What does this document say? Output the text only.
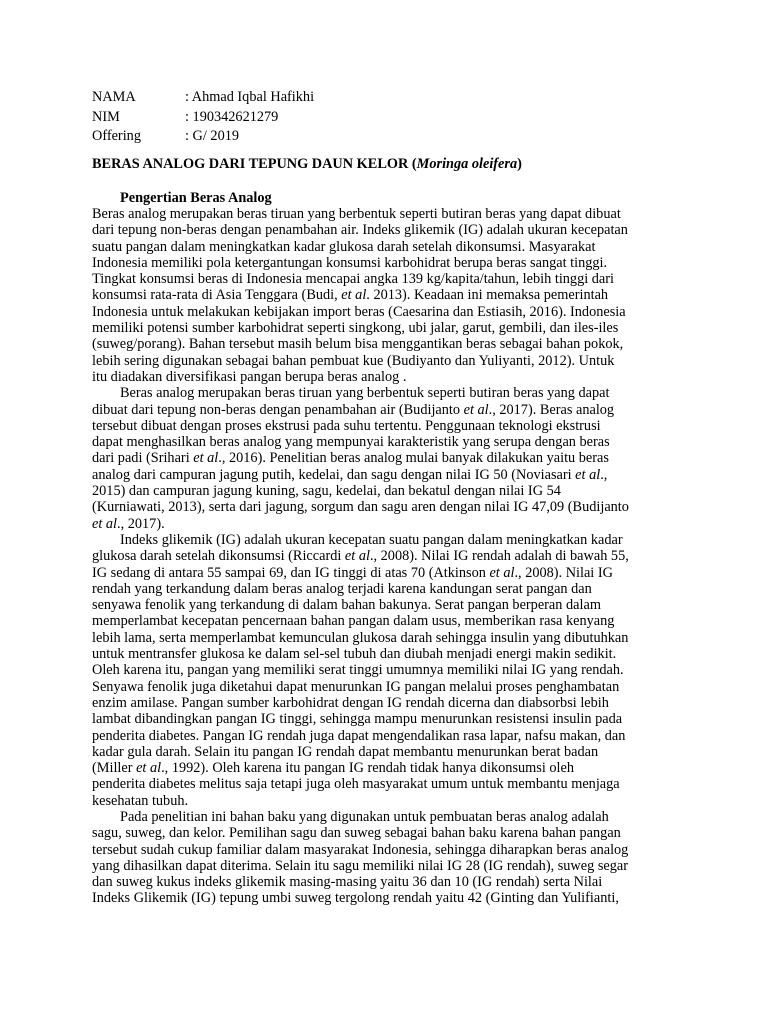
NAMA	: Ahmad Iqbal Hafikhi
NIM	: 190342621279
Offering	: G/ 2019
BERAS ANALOG DARI TEPUNG DAUN KELOR (Moringa oleifera)
Pengertian Beras Analog
Beras analog merupakan beras tiruan yang berbentuk seperti butiran beras yang dapat dibuat
dari tepung non-beras dengan penambahan air. Indeks glikemik (IG) adalah ukuran kecepatan
suatu pangan dalam meningkatkan kadar glukosa darah setelah dikonsumsi. Masyarakat
Indonesia memiliki pola ketergantungan konsumsi karbohidrat berupa beras sangat tinggi.
Tingkat konsumsi beras di Indonesia mencapai angka 139 kg/kapita/tahun, lebih tinggi dari
konsumsi rata-rata di Asia Tenggara (Budi, et al. 2013). Keadaan ini memaksa pemerintah
Indonesia untuk melakukan kebijakan import beras (Caesarina dan Estiasih, 2016). Indonesia
memiliki potensi sumber karbohidrat seperti singkong, ubi jalar, garut, gembili, dan iles-iles
(suweg/porang). Bahan tersebut masih belum bisa menggantikan beras sebagai bahan pokok,
lebih sering digunakan sebagai bahan pembuat kue (Budiyanto dan Yuliyanti, 2012). Untuk
itu diadakan diversifikasi pangan berupa beras analog .
Beras analog merupakan beras tiruan yang berbentuk seperti butiran beras yang dapat
dibuat dari tepung non-beras dengan penambahan air (Budijanto et al., 2017). Beras analog
tersebut dibuat dengan proses ekstrusi pada suhu tertentu. Penggunaan teknologi ekstrusi
dapat menghasilkan beras analog yang mempunyai karakteristik yang serupa dengan beras
dari padi (Srihari et al., 2016). Penelitian beras analog mulai banyak dilakukan yaitu beras
analog dari campuran jagung putih, kedelai, dan sagu dengan nilai IG 50 (Noviasari et al.,
2015) dan campuran jagung kuning, sagu, kedelai, dan bekatul dengan nilai IG 54
(Kurniawati, 2013), serta dari jagung, sorgum dan sagu aren dengan nilai IG 47,09 (Budijanto
et al., 2017).
Indeks glikemik (IG) adalah ukuran kecepatan suatu pangan dalam meningkatkan kadar
glukosa darah setelah dikonsumsi (Riccardi et al., 2008). Nilai IG rendah adalah di bawah 55,
IG sedang di antara 55 sampai 69, dan IG tinggi di atas 70 (Atkinson et al., 2008). Nilai IG
rendah yang terkandung dalam beras analog terjadi karena kandungan serat pangan dan
senyawa fenolik yang terkandung di dalam bahan bakunya. Serat pangan berperan dalam
memperlambat kecepatan pencernaan bahan pangan dalam usus, memberikan rasa kenyang
lebih lama, serta memperlambat kemunculan glukosa darah sehingga insulin yang dibutuhkan
untuk mentransfer glukosa ke dalam sel-sel tubuh dan diubah menjadi energi makin sedikit.
Oleh karena itu, pangan yang memiliki serat tinggi umumnya memiliki nilai IG yang rendah.
Senyawa fenolik juga diketahui dapat menurunkan IG pangan melalui proses penghambatan
enzim amilase. Pangan sumber karbohidrat dengan IG rendah dicerna dan diabsorbsi lebih
lambat dibandingkan pangan IG tinggi, sehingga mampu menurunkan resistensi insulin pada
penderita diabetes. Pangan IG rendah juga dapat mengendalikan rasa lapar, nafsu makan, dan
kadar gula darah. Selain itu pangan IG rendah dapat membantu menurunkan berat badan
(Miller et al., 1992). Oleh karena itu pangan IG rendah tidak hanya dikonsumsi oleh
penderita diabetes melitus saja tetapi juga oleh masyarakat umum untuk membantu menjaga
kesehatan tubuh.
Pada penelitian ini bahan baku yang digunakan untuk pembuatan beras analog adalah
sagu, suweg, dan kelor. Pemilihan sagu dan suweg sebagai bahan baku karena bahan pangan
tersebut sudah cukup familiar dalam masyarakat Indonesia, sehingga diharapkan beras analog
yang dihasilkan dapat diterima. Selain itu sagu memiliki nilai IG 28 (IG rendah), suweg segar
dan suweg kukus indeks glikemik masing-masing yaitu 36 dan 10 (IG rendah) serta Nilai
Indeks Glikemik (IG) tepung umbi suweg tergolong rendah yaitu 42 (Ginting dan Yulifianti,
